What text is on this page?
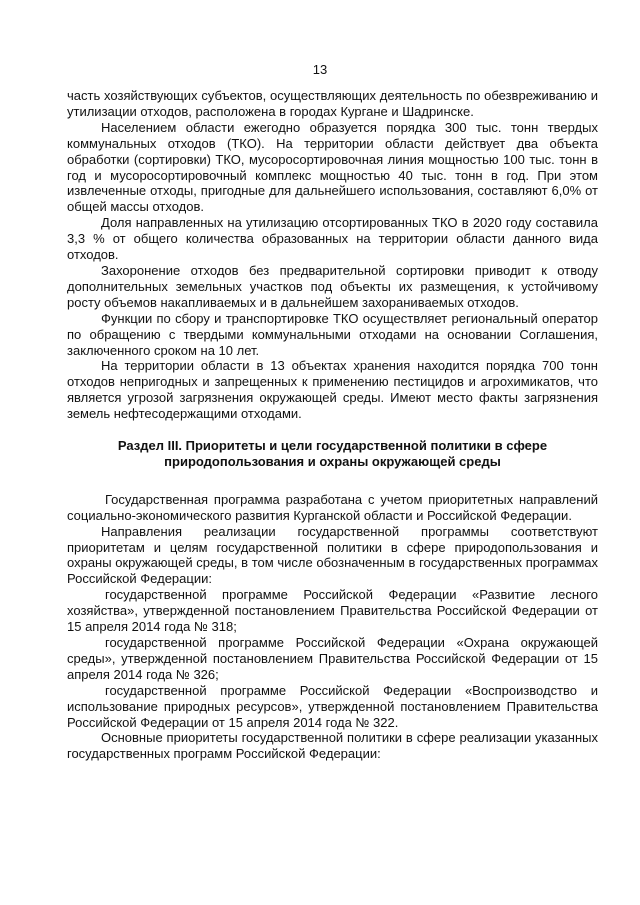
13

часть хозяйствующих субъектов, осуществляющих деятельность по обезвреживанию и утилизации отходов, расположена в городах Кургане и Шадринске.

Населением области ежегодно образуется порядка 300 тыс. тонн твердых коммунальных отходов (ТКО). На территории области действует два объекта обработки (сортировки) ТКО, мусоросортировочная линия мощностью 100 тыс. тонн в год и мусоросортировочный комплекс мощностью 40 тыс. тонн в год. При этом извлеченные отходы, пригодные для дальнейшего использования, составляют 6,0% от общей массы отходов.

Доля направленных на утилизацию отсортированных ТКО в 2020 году составила 3,3 % от общего количества образованных на территории области данного вида отходов.

Захоронение отходов без предварительной сортировки приводит к отводу дополнительных земельных участков под объекты их размещения, к устойчивому росту объемов накапливаемых и в дальнейшем захораниваемых отходов.

Функции по сбору и транспортировке ТКО осуществляет региональный оператор по обращению с твердыми коммунальными отходами на основании Соглашения, заключенного сроком на 10 лет.

На территории области в 13 объектах хранения находится порядка 700 тонн отходов непригодных и запрещенных к применению пестицидов и агрохимикатов, что является угрозой загрязнения окружающей среды. Имеют место факты загрязнения земель нефтесодержащими отходами.

Раздел III. Приоритеты и цели государственной политики в сфере природопользования и охраны окружающей среды

Государственная программа разработана с учетом приоритетных направлений социально-экономического развития Курганской области и Российской Федерации.

Направления реализации государственной программы соответствуют приоритетам и целям государственной политики в сфере природопользования и охраны окружающей среды, в том числе обозначенным в государственных программах Российской Федерации:

государственной программе Российской Федерации «Развитие лесного хозяйства», утвержденной постановлением Правительства Российской Федерации от 15 апреля 2014 года № 318;

государственной программе Российской Федерации «Охрана окружающей среды», утвержденной постановлением Правительства Российской Федерации от 15 апреля 2014 года № 326;

государственной программе Российской Федерации «Воспроизводство и использование природных ресурсов», утвержденной постановлением Правительства Российской Федерации от 15 апреля 2014 года № 322.

Основные приоритеты государственной политики в сфере реализации указанных государственных программ Российской Федерации:
